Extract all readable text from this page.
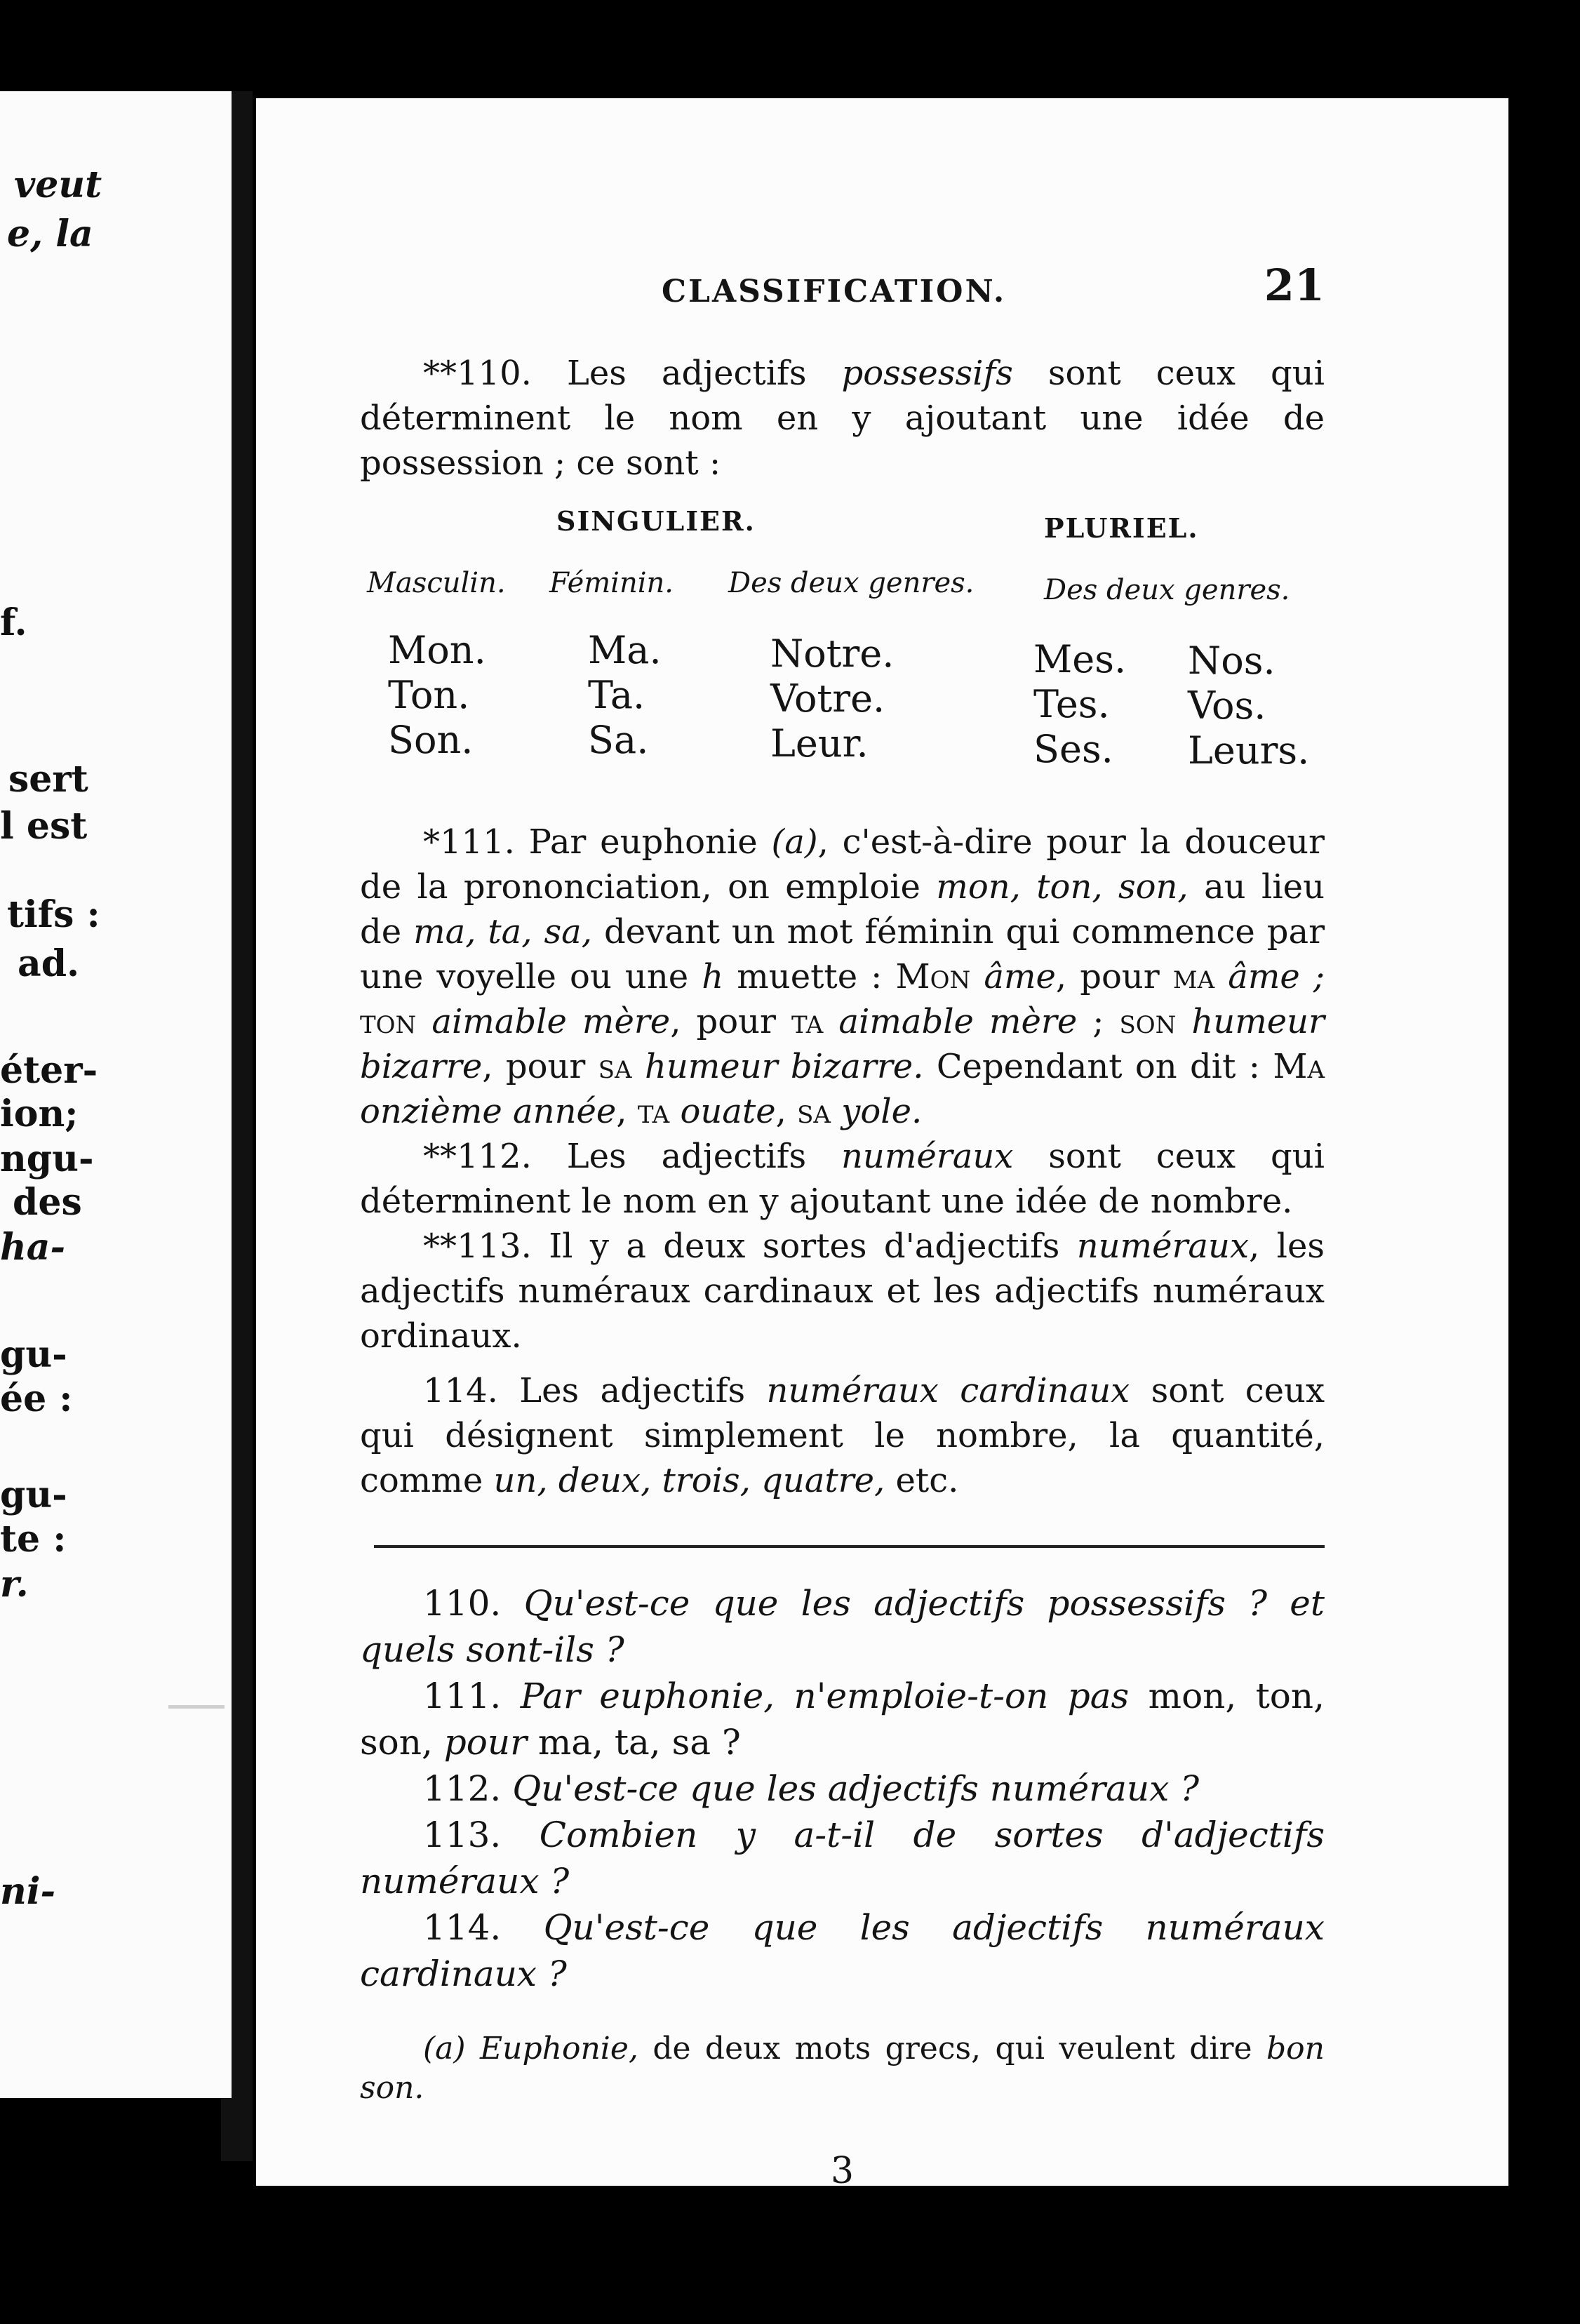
veut
e, la
f.
sert
l est
tifs :
ad.
éter-
ion;
ngu-
des
ha-
gu-
ée :
gu-
te :
r.
ni-
CLASSIFICATION.	21

**110. Les adjectifs possessifs sont ceux qui déterminent le nom en y ajoutant une idée de possession ; ce sont :

SINGULIER.	PLURIEL.
Masculin. Féminin. Des deux genres. Des deux genres.
Mon.
Ton.
Son.
Ma.
Ta.
Sa.
Notre.
Votre.
Leur.
Mes.
Tes.
Ses.
Nos.
Vos.
Leurs.

*111. Par euphonie (a), c'est-à-dire pour la douceur de la prononciation, on emploie mon, ton, son, au lieu de ma, ta, sa, devant un mot féminin qui commence par une voyelle ou une h muette : Mon âme, pour ma âme ; ton aimable mère, pour ta aimable mère ; son humeur bizarre, pour sa humeur bizarre. Cependant on dit : Ma onzième année, ta ouate, sa yole.

**112. Les adjectifs numéraux sont ceux qui déterminent le nom en y ajoutant une idée de nombre.

**113. Il y a deux sortes d'adjectifs numéraux, les adjectifs numéraux cardinaux et les adjectifs numéraux ordinaux.

114. Les adjectifs numéraux cardinaux sont ceux qui désignent simplement le nombre, la quantité, comme un, deux, trois, quatre, etc.

110. Qu'est-ce que les adjectifs possessifs ? et quels sont-ils ?

111. Par euphonie, n'emploie-t-on pas mon, ton, son, pour ma, ta, sa ?

112. Qu'est-ce que les adjectifs numéraux ?

113. Combien y a-t-il de sortes d'adjectifs numéraux ?

114. Qu'est-ce que les adjectifs numéraux cardinaux ?

(a) Euphonie, de deux mots grecs, qui veulent dire bon son.

3
